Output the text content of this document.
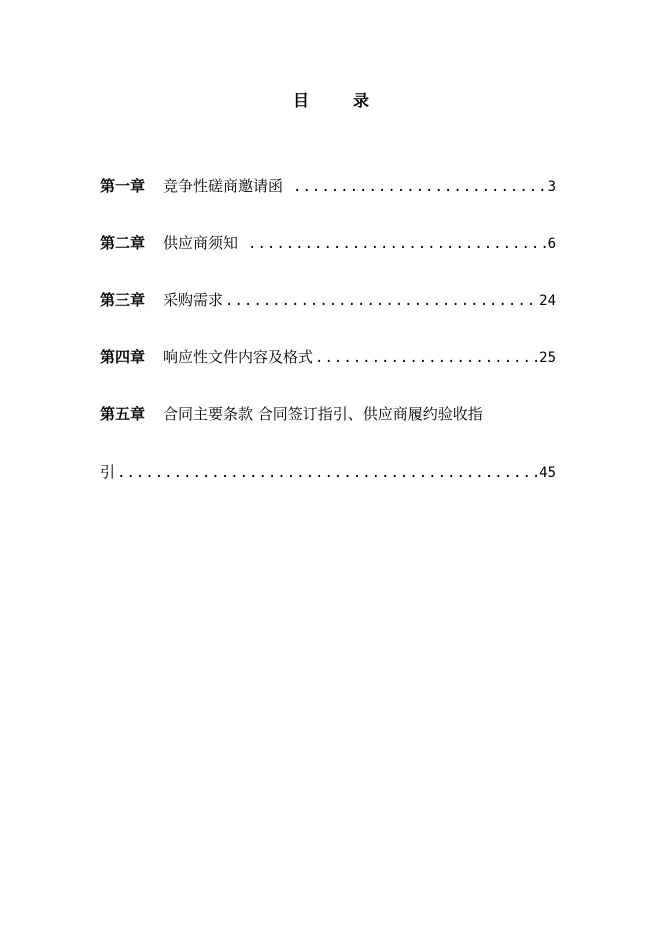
目	录
第一章 竞争性磋商邀请函 .....	3
第二章 供应商须知 .....	6
第三章 采购需求 .....	24
第四章 响应性文件内容及格式 .....	25
第五章 合同主要条款 合同签订指引、供应商履约验收指
引 .....	45
